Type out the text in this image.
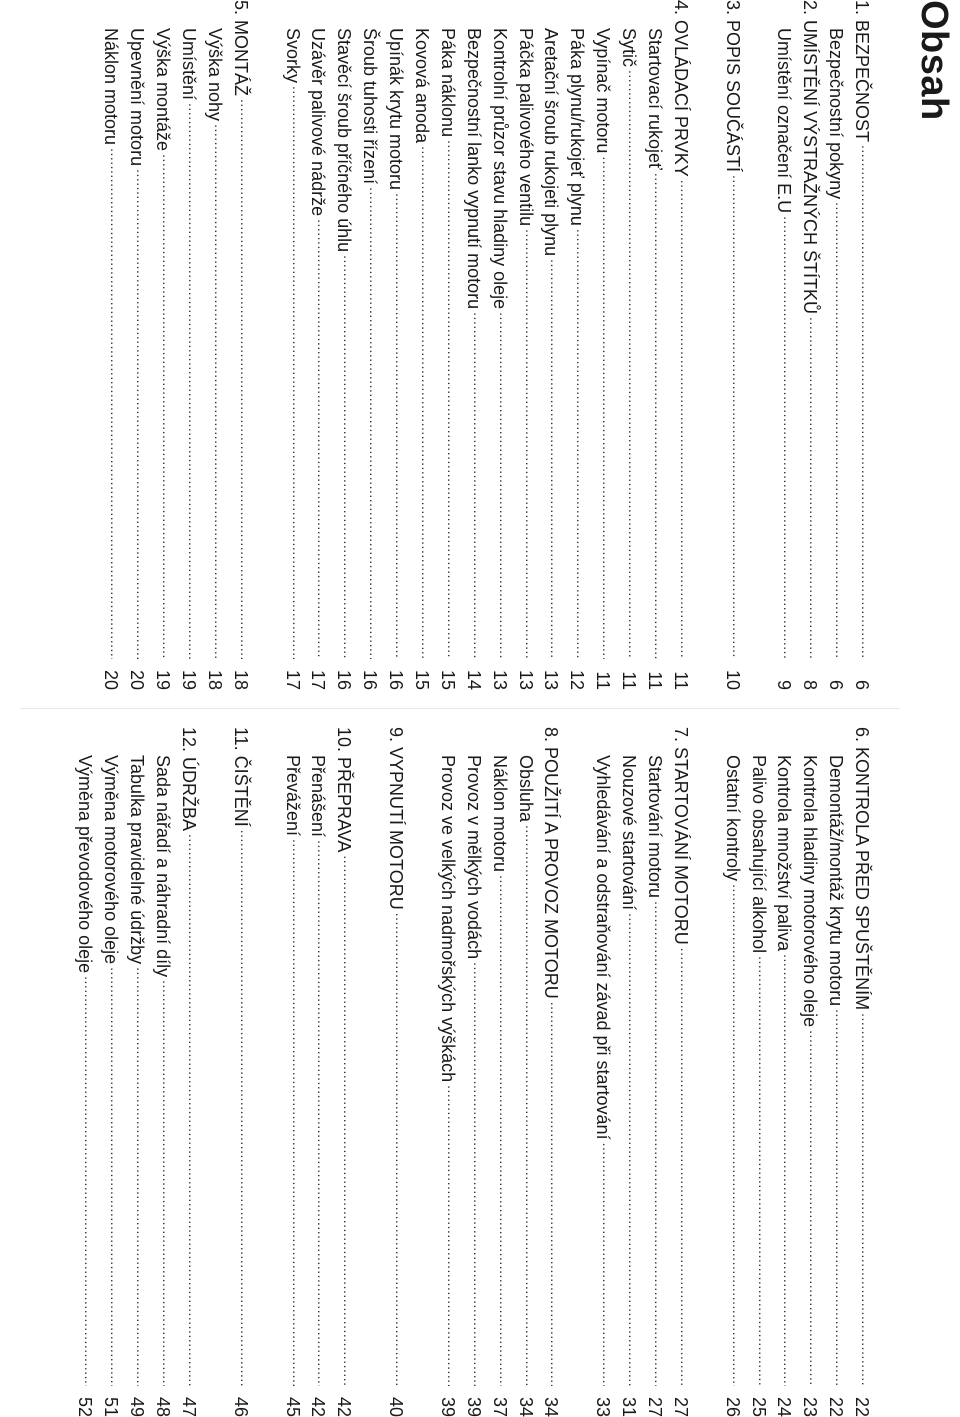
Obsah
1. BEZPEČNOST
.....
6
Bezpečnostní pokyny
.....
6
2. UMÍSTĚNÍ VÝSTRAŽNÝCH ŠTÍTKŮ
.....
8
Umístění označení E.U
.....
9
3. POPIS SOUČÁSTÍ
.....
10
4. OVLÁDACÍ PRVKY
.....
11
Startovací rukojeť
.....
11
Sytič
.....
11
Vypínač motoru
.....
11
Páka plynu/rukojeť plynu
.....
12
Aretační šroub rukojeti plynu
.....
13
Páčka palivového ventilu
.....
13
Kontrolní průzor stavu hladiny oleje
.....
13
Bezpečnostní lanko vypnutí motoru
.....
14
Páka náklonu
.....
15
Kovová anoda
.....
15
Upínák krytu motoru
.....
16
Šroub tuhosti řízení
.....
16
Stavěcí šroub příčného úhlu
.....
16
Uzávěr palivové nádrže
.....
17
Svorky
.....
17
5. MONTÁŽ
.....
18
Výška nohy
.....
18
Umístění
.....
19
Výška montáže
.....
19
Upevnění motoru
.....
20
Náklon motoru
.....
20
6. KONTROLA PŘED SPUŠTĚNÍM
.....
22
Demontáž/montáž krytu motoru
.....
22
Kontrola hladiny motorového oleje
.....
23
Kontrola množství paliva
.....
24
Palivo obsahující alkohol
.....
25
Ostatní kontroly
.....
26
7. STARTOVÁNÍ MOTORU
.....
27
Startování motoru
.....
27
Nouzové startování
.....
31
Vyhledávání a odstraňování závad při startování
.....
33
8. POUŽITÍ A PROVOZ MOTORU
.....
34
Obsluha
.....
34
Náklon motoru
.....
37
Provoz v mělkých vodách
.....
39
Provoz ve velkých nadmořských výškách
.....
39
9. VYPNUTÍ MOTORU
.....
40
10. PŘEPRAVA
.....
42
Přenášení
.....
42
Převážení
.....
45
11. ČIŠTĚNÍ
.....
46
12. ÚDRŽBA
.....
47
Sada nářadí a náhradní díly
.....
48
Tabulka pravidelné údržby
.....
49
Výměna motorového oleje
.....
51
Výměna převodového oleje
.....
52
